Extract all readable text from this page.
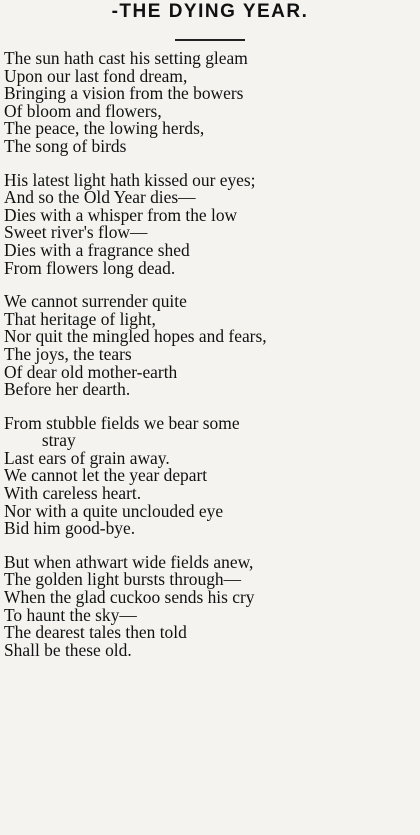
-THE DYING YEAR.
The sun hath cast his setting gleam
Upon our last fond dream,
Bringing a vision from the bowers
Of bloom and flowers,
The peace, the lowing herds,
The song of birds
His latest light hath kissed our eyes;
And so the Old Year dies—
Dies with a whisper from the low
Sweet river's flow—
Dies with a fragrance shed
From flowers long dead.
We cannot surrender quite
That heritage of light,
Nor quit the mingled hopes and fears,
The joys, the tears
Of dear old mother-earth
Before her dearth.
From stubble fields we bear some
stray
Last ears of grain away.
We cannot let the year depart
With careless heart.
Nor with a quite unclouded eye
Bid him good-bye.
But when athwart wide fields anew,
The golden light bursts through—
When the glad cuckoo sends his cry
To haunt the sky—
The dearest tales then told
Shall be these old.
